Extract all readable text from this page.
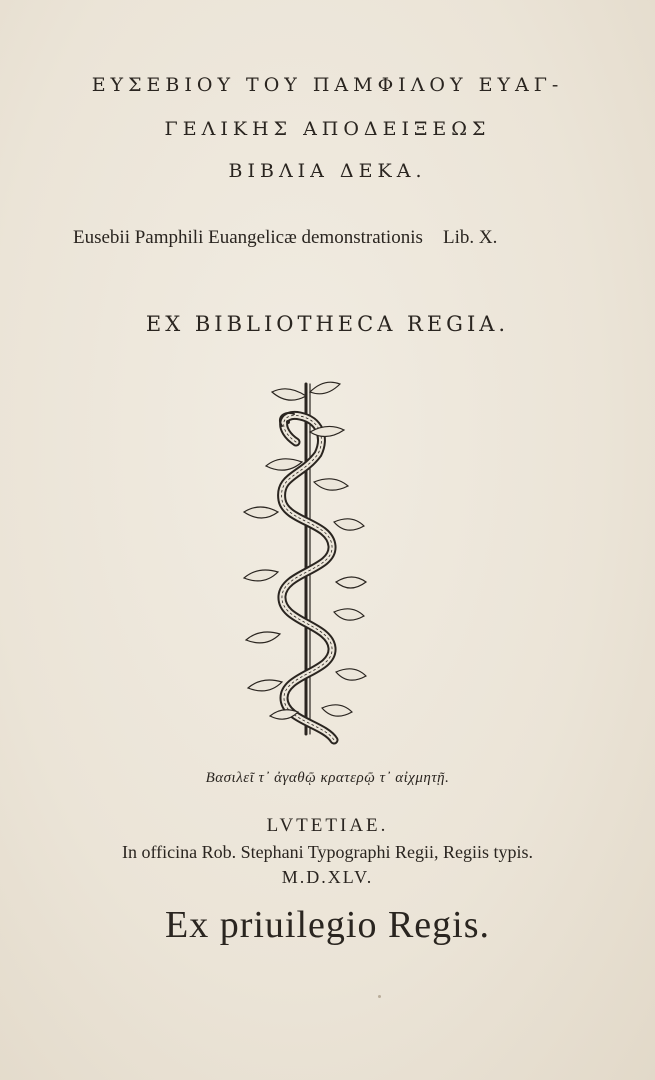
ΕΥΣΕΒΙΟΥ ΤΟΥ ΠΑΜΦΙΛΟΥ ΕΥΑΓ-
ΓΕΛΙΚΗΣ ΑΠΟΔΕΙΞΕΩΣ
ΒΙΒΛΙΑ ΔΕΚΑ.
Eusebii Pamphili Euangelicæ demonstrationis Lib. X.
EX BIBLIOTHECA REGIA.
Βασιλεῖ τ᾽ ἀγαθῷ κρατερῷ τ᾽ αἰχμητῇ.
LVTETIAE.
In officina Rob. Stephani Typographi Regii, Regiis typis.
M.D.XLV.
Ex priuilegio Regis.
